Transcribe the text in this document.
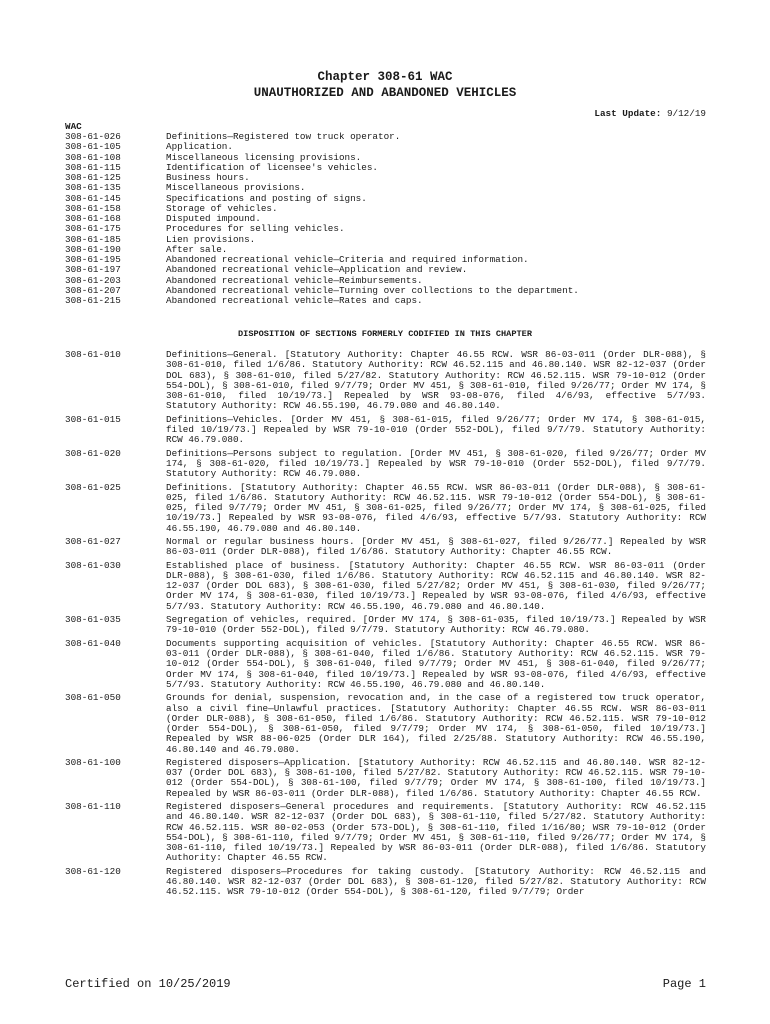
Chapter 308-61 WAC
UNAUTHORIZED AND ABANDONED VEHICLES
Last Update: 9/12/19
WAC
308-61-026	Definitions—Registered tow truck operator.
308-61-105	Application.
308-61-108	Miscellaneous licensing provisions.
308-61-115	Identification of licensee's vehicles.
308-61-125	Business hours.
308-61-135	Miscellaneous provisions.
308-61-145	Specifications and posting of signs.
308-61-158	Storage of vehicles.
308-61-168	Disputed impound.
308-61-175	Procedures for selling vehicles.
308-61-185	Lien provisions.
308-61-190	After sale.
308-61-195	Abandoned recreational vehicle—Criteria and required information.
308-61-197	Abandoned recreational vehicle—Application and review.
308-61-203	Abandoned recreational vehicle—Reimbursements.
308-61-207	Abandoned recreational vehicle—Turning over collections to the department.
308-61-215	Abandoned recreational vehicle—Rates and caps.
DISPOSITION OF SECTIONS FORMERLY CODIFIED IN THIS CHAPTER
308-61-010	Definitions—General. [Statutory Authority: Chapter 46.55 RCW. WSR 86-03-011 (Order DLR-088), § 308-61-010, filed 1/6/86. Statutory Authority: RCW 46.52.115 and 46.80.140. WSR 82-12-037 (Order DOL 683), § 308-61-010, filed 5/27/82. Statutory Authority: RCW 46.52.115. WSR 79-10-012 (Order 554-DOL), § 308-61-010, filed 9/7/79; Order MV 451, § 308-61-010, filed 9/26/77; Order MV 174, § 308-61-010, filed 10/19/73.] Repealed by WSR 93-08-076, filed 4/6/93, effective 5/7/93. Statutory Authority: RCW 46.55.190, 46.79.080 and 46.80.140.
308-61-015	Definitions—Vehicles. [Order MV 451, § 308-61-015, filed 9/26/77; Order MV 174, § 308-61-015, filed 10/19/73.] Repealed by WSR 79-10-010 (Order 552-DOL), filed 9/7/79. Statutory Authority: RCW 46.79.080.
308-61-020	Definitions—Persons subject to regulation. [Order MV 451, § 308-61-020, filed 9/26/77; Order MV 174, § 308-61-020, filed 10/19/73.] Repealed by WSR 79-10-010 (Order 552-DOL), filed 9/7/79. Statutory Authority: RCW 46.79.080.
308-61-025	Definitions. [Statutory Authority: Chapter 46.55 RCW. WSR 86-03-011 (Order DLR-088), § 308-61-025, filed 1/6/86. Statutory Authority: RCW 46.52.115. WSR 79-10-012 (Order 554-DOL), § 308-61-025, filed 9/7/79; Order MV 451, § 308-61-025, filed 9/26/77; Order MV 174, § 308-61-025, filed 10/19/73.] Repealed by WSR 93-08-076, filed 4/6/93, effective 5/7/93. Statutory Authority: RCW 46.55.190, 46.79.080 and 46.80.140.
308-61-027	Normal or regular business hours. [Order MV 451, § 308-61-027, filed 9/26/77.] Repealed by WSR 86-03-011 (Order DLR-088), filed 1/6/86. Statutory Authority: Chapter 46.55 RCW.
308-61-030	Established place of business. [Statutory Authority: Chapter 46.55 RCW. WSR 86-03-011 (Order DLR-088), § 308-61-030, filed 1/6/86. Statutory Authority: RCW 46.52.115 and 46.80.140. WSR 82-12-037 (Order DOL 683), § 308-61-030, filed 5/27/82; Order MV 451, § 308-61-030, filed 9/26/77; Order MV 174, § 308-61-030, filed 10/19/73.] Repealed by WSR 93-08-076, filed 4/6/93, effective 5/7/93. Statutory Authority: RCW 46.55.190, 46.79.080 and 46.80.140.
308-61-035	Segregation of vehicles, required. [Order MV 174, § 308-61-035, filed 10/19/73.] Repealed by WSR 79-10-010 (Order 552-DOL), filed 9/7/79. Statutory Authority: RCW 46.79.080.
308-61-040	Documents supporting acquisition of vehicles. [Statutory Authority: Chapter 46.55 RCW. WSR 86-03-011 (Order DLR-088), § 308-61-040, filed 1/6/86. Statutory Authority: RCW 46.52.115. WSR 79-10-012 (Order 554-DOL), § 308-61-040, filed 9/7/79; Order MV 451, § 308-61-040, filed 9/26/77; Order MV 174, § 308-61-040, filed 10/19/73.] Repealed by WSR 93-08-076, filed 4/6/93, effective 5/7/93. Statutory Authority: RCW 46.55.190, 46.79.080 and 46.80.140.
308-61-050	Grounds for denial, suspension, revocation and, in the case of a registered tow truck operator, also a civil fine—Unlawful practices. [Statutory Authority: Chapter 46.55 RCW. WSR 86-03-011 (Order DLR-088), § 308-61-050, filed 1/6/86. Statutory Authority: RCW 46.52.115. WSR 79-10-012 (Order 554-DOL), § 308-61-050, filed 9/7/79; Order MV 174, § 308-61-050, filed 10/19/73.] Repealed by WSR 88-06-025 (Order DLR 164), filed 2/25/88. Statutory Authority: RCW 46.55.190, 46.80.140 and 46.79.080.
308-61-100	Registered disposers—Application. [Statutory Authority: RCW 46.52.115 and 46.80.140. WSR 82-12-037 (Order DOL 683), § 308-61-100, filed 5/27/82. Statutory Authority: RCW 46.52.115. WSR 79-10-012 (Order 554-DOL), § 308-61-100, filed 9/7/79; Order MV 174, § 308-61-100, filed 10/19/73.] Repealed by WSR 86-03-011 (Order DLR-088), filed 1/6/86. Statutory Authority: Chapter 46.55 RCW.
308-61-110	Registered disposers—General procedures and requirements. [Statutory Authority: RCW 46.52.115 and 46.80.140. WSR 82-12-037 (Order DOL 683), § 308-61-110, filed 5/27/82. Statutory Authority: RCW 46.52.115. WSR 80-02-053 (Order 573-DOL), § 308-61-110, filed 1/16/80; WSR 79-10-012 (Order 554-DOL), § 308-61-110, filed 9/7/79; Order MV 451, § 308-61-110, filed 9/26/77; Order MV 174, § 308-61-110, filed 10/19/73.] Repealed by WSR 86-03-011 (Order DLR-088), filed 1/6/86. Statutory Authority: Chapter 46.55 RCW.
308-61-120	Registered disposers—Procedures for taking custody. [Statutory Authority: RCW 46.52.115 and 46.80.140. WSR 82-12-037 (Order DOL 683), § 308-61-120, filed 5/27/82. Statutory Authority: RCW 46.52.115. WSR 79-10-012 (Order 554-DOL), § 308-61-120, filed 9/7/79; Order
Certified on 10/25/2019	Page 1
